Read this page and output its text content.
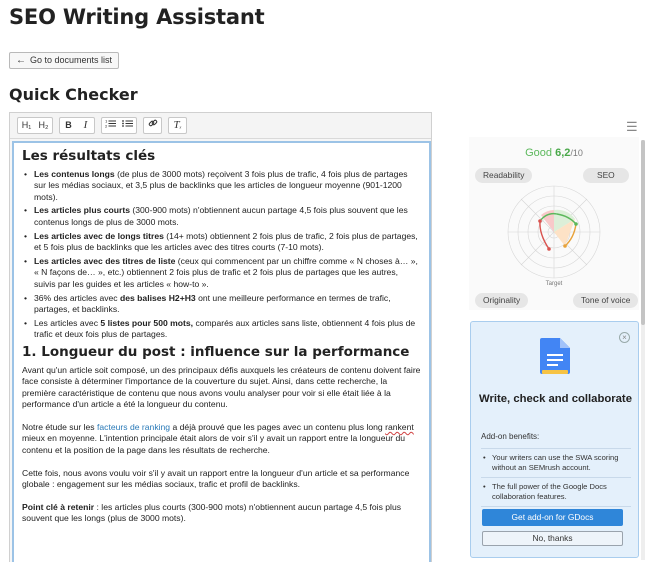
SEO Writing Assistant
← Go to documents list
Quick Checker
H₁ H₂	B	I	1
2	Tₓ
Les résultats clés
• Les contenus longs (de plus de 3000 mots) reçoivent 3 fois plus de trafic, 4 fois plus de partages sur les médias sociaux, et 3,5 plus de backlinks que les articles de longueur moyenne (901-1200 mots).
• Les articles plus courts (300-900 mots) n'obtiennent aucun partage 4,5 fois plus souvent que les contenus longs de plus de 3000 mots.
• Les articles avec de longs titres (14+ mots) obtiennent 2 fois plus de trafic, 2 fois plus de partages, et 5 fois plus de backlinks que les articles avec des titres courts (7-10 mots).
• Les articles avec des titres de liste (ceux qui commencent par un chiffre comme « N choses à… », « N façons de… », etc.) obtiennent 2 fois plus de trafic et 2 fois plus de partages que les autres, suivis par les guides et les articles « how-to ».
• 36% des articles avec des balises H2+H3 ont une meilleure performance en termes de trafic, partages, et backlinks.
• Les articles avec 5 listes pour 500 mots, comparés aux articles sans liste, obtiennent 4 fois plus de trafic et deux fois plus de partages.
1. Longueur du post : influence sur la performance

Avant qu'un article soit composé, un des principaux défis auxquels les créateurs de contenu doivent faire face consiste à déterminer l'importance de la couverture du sujet. Ainsi, dans cette recherche, la première caractéristique de contenu que nous avons voulu analyser pour voir si elle était liée à la performance d'un article a été la longueur du contenu.

Notre étude sur les facteurs de ranking a déjà prouvé que les pages avec un contenu plus long rankent mieux en moyenne. L'intention principale était alors de voir s'il y avait un rapport entre la longueur du contenu et la position de la page dans les résultats de recherche.

Cette fois, nous avons voulu voir s'il y avait un rapport entre la longueur d'un article et sa performance globale : engagement sur les médias sociaux, trafic et profil de backlinks.

Point clé à retenir : les articles plus courts (300-900 mots) n'obtiennent aucun partage 4,5 fois plus souvent que les longs (plus de 3000 mots).

☰
Good 6,2/10
Readability	SEO
Originality	Tone of voice
Target
×
Write, check and collaborate
Add-on benefits:
• Your writers can use the SWA scoring without an SEMrush account.
• The full power of the Google Docs collaboration features.
Get add-on for GDocs
No, thanks
